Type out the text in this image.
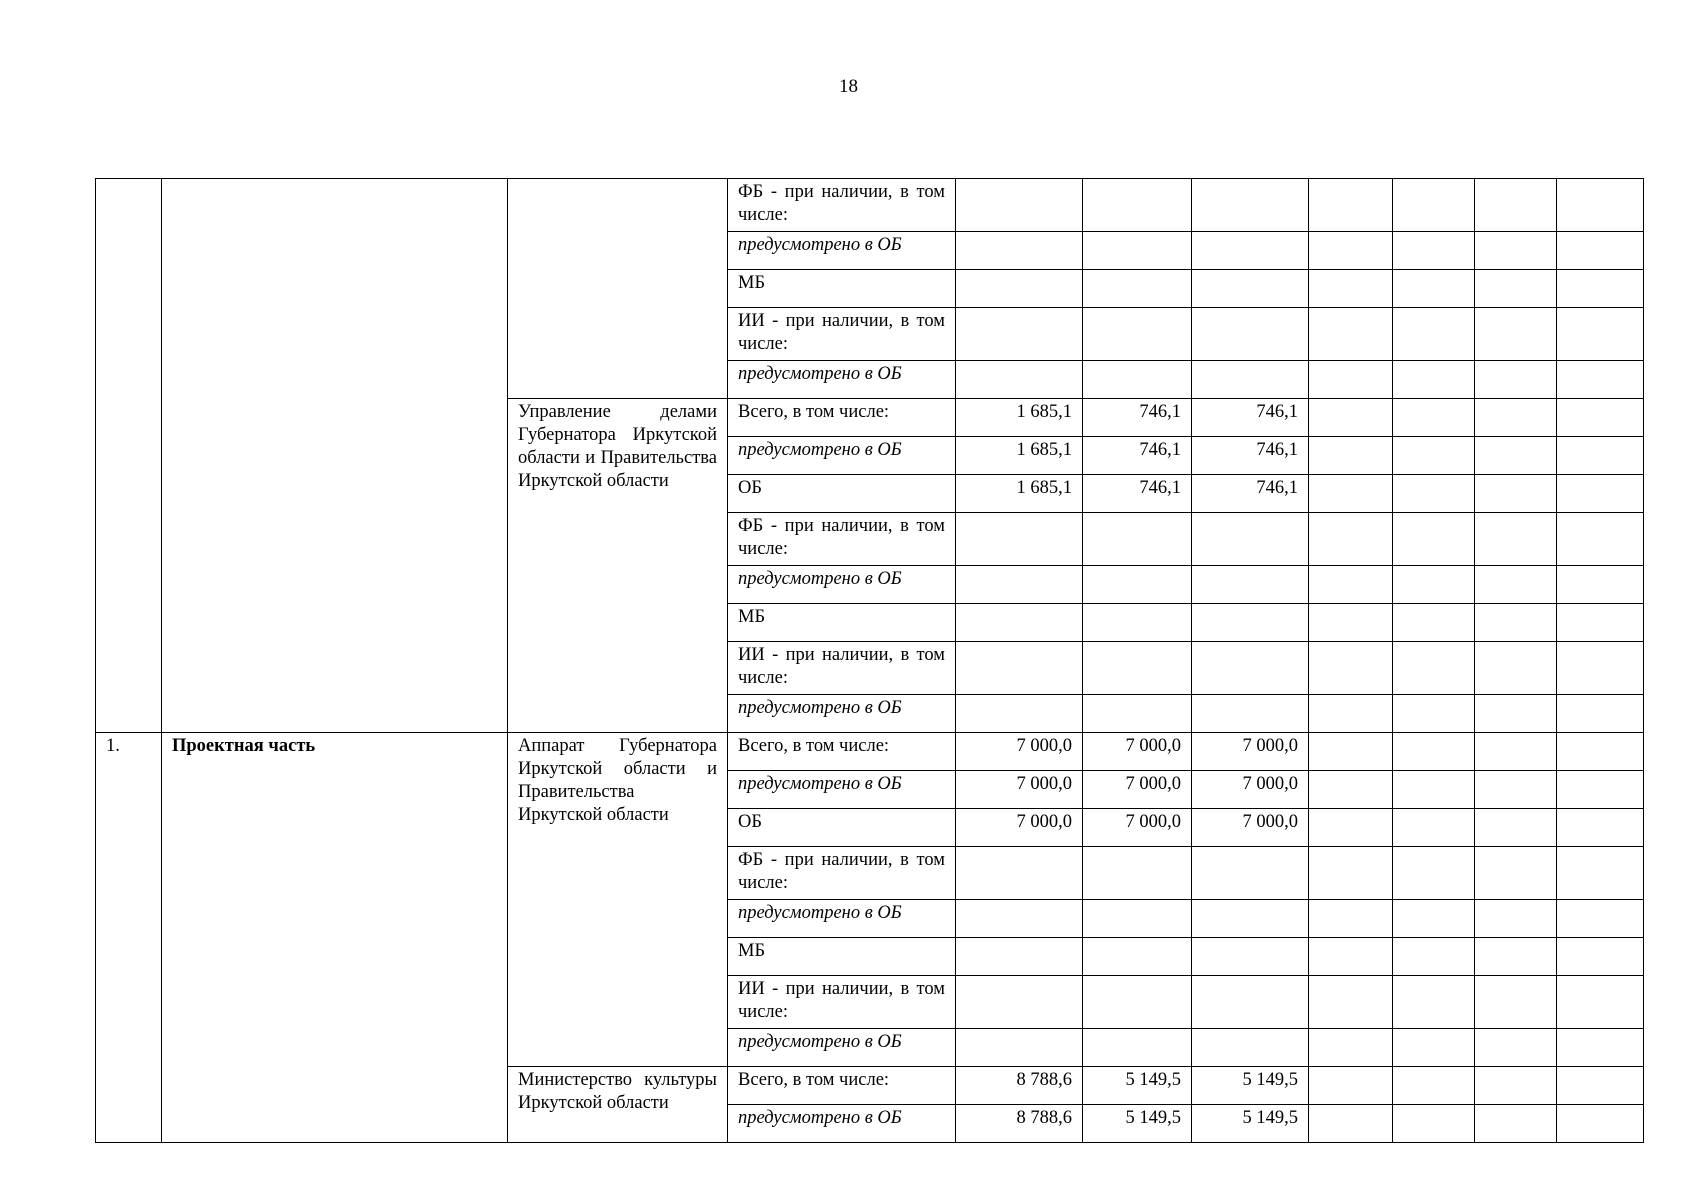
18
			ФБ - при наличии, в том числе:							
			предусмотрено в ОБ							
			МБ							
			ИИ - при наличии, в том числе:							
			предусмотрено в ОБ							
		Управление делами Губернатора Иркутской области и Правительства Иркутской области	Всего, в том числе:	1 685,1	746,1	746,1				
			предусмотрено в ОБ	1 685,1	746,1	746,1				
			ОБ	1 685,1	746,1	746,1				
			ФБ - при наличии, в том числе:							
			предусмотрено в ОБ							
			МБ							
			ИИ - при наличии, в том числе:							
			предусмотрено в ОБ							
1.	Проектная часть	Аппарат Губернатора Иркутской области и Правительства Иркутской области	Всего, в том числе:	7 000,0	7 000,0	7 000,0				
			предусмотрено в ОБ	7 000,0	7 000,0	7 000,0				
			ОБ	7 000,0	7 000,0	7 000,0				
			ФБ - при наличии, в том числе:							
			предусмотрено в ОБ							
			МБ							
			ИИ - при наличии, в том числе:							
			предусмотрено в ОБ							
		Министерство культуры Иркутской области	Всего, в том числе:	8 788,6	5 149,5	5 149,5				
			предусмотрено в ОБ	8 788,6	5 149,5	5 149,5				
